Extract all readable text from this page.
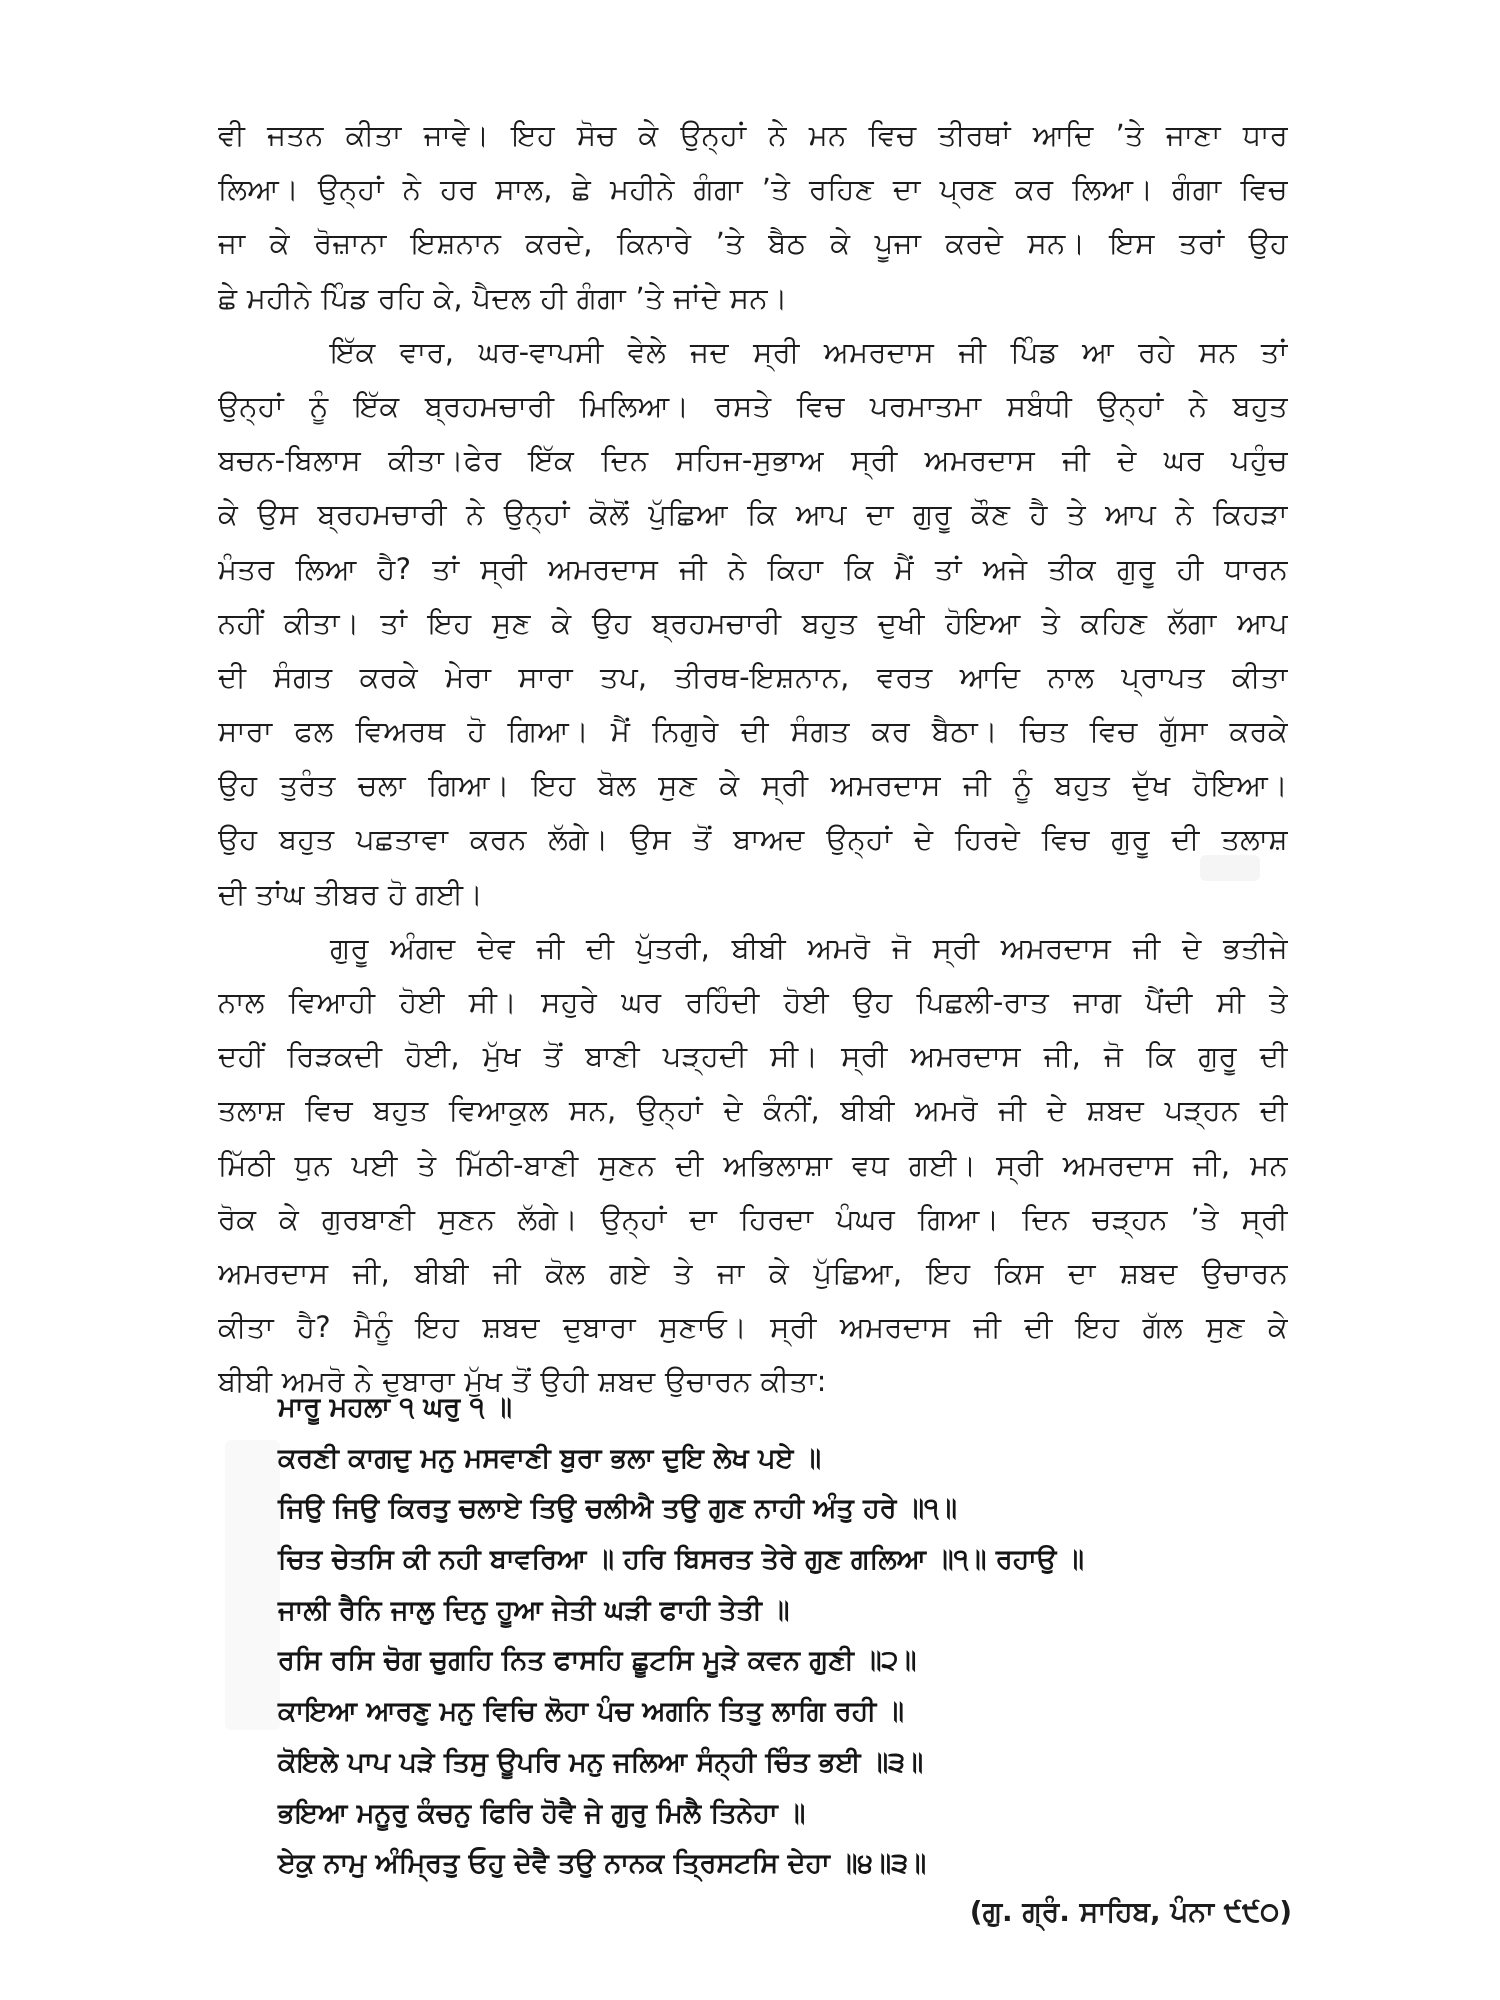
ਵੀ ਜਤਨ ਕੀਤਾ ਜਾਵੇ। ਇਹ ਸੋਚ ਕੇ ਉਨ੍ਹਾਂ ਨੇ ਮਨ ਵਿਚ ਤੀਰਥਾਂ ਆਦਿ ’ਤੇ ਜਾਣਾ ਧਾਰ
ਲਿਆ। ਉਨ੍ਹਾਂ ਨੇ ਹਰ ਸਾਲ, ਛੇ ਮਹੀਨੇ ਗੰਗਾ ’ਤੇ ਰਹਿਣ ਦਾ ਪ੍ਰਣ ਕਰ ਲਿਆ। ਗੰਗਾ ਵਿਚ
ਜਾ ਕੇ ਰੋਜ਼ਾਨਾ ਇਸ਼ਨਾਨ ਕਰਦੇ, ਕਿਨਾਰੇ ’ਤੇ ਬੈਠ ਕੇ ਪੂਜਾ ਕਰਦੇ ਸਨ। ਇਸ ਤਰਾਂ ਉਹ
ਛੇ ਮਹੀਨੇ ਪਿੰਡ ਰਹਿ ਕੇ, ਪੈਦਲ ਹੀ ਗੰਗਾ ’ਤੇ ਜਾਂਦੇ ਸਨ।
ਇੱਕ ਵਾਰ, ਘਰ-ਵਾਪਸੀ ਵੇਲੇ ਜਦ ਸ੍ਰੀ ਅਮਰਦਾਸ ਜੀ ਪਿੰਡ ਆ ਰਹੇ ਸਨ ਤਾਂ
ਉਨ੍ਹਾਂ ਨੂੰ ਇੱਕ ਬ੍ਰਹਮਚਾਰੀ ਮਿਲਿਆ। ਰਸਤੇ ਵਿਚ ਪਰਮਾਤਮਾ ਸਬੰਧੀ ਉਨ੍ਹਾਂ ਨੇ ਬਹੁਤ
ਬਚਨ-ਬਿਲਾਸ ਕੀਤਾ।ਫੇਰ ਇੱਕ ਦਿਨ ਸਹਿਜ-ਸੁਭਾਅ ਸ੍ਰੀ ਅਮਰਦਾਸ ਜੀ ਦੇ ਘਰ ਪਹੁੰਚ
ਕੇ ਉਸ ਬ੍ਰਹਮਚਾਰੀ ਨੇ ਉਨ੍ਹਾਂ ਕੋਲੋਂ ਪੁੱਛਿਆ ਕਿ ਆਪ ਦਾ ਗੁਰੂ ਕੌਣ ਹੈ ਤੇ ਆਪ ਨੇ ਕਿਹੜਾ
ਮੰਤਰ ਲਿਆ ਹੈ? ਤਾਂ ਸ੍ਰੀ ਅਮਰਦਾਸ ਜੀ ਨੇ ਕਿਹਾ ਕਿ ਮੈਂ ਤਾਂ ਅਜੇ ਤੀਕ ਗੁਰੂ ਹੀ ਧਾਰਨ
ਨਹੀਂ ਕੀਤਾ। ਤਾਂ ਇਹ ਸੁਣ ਕੇ ਉਹ ਬ੍ਰਹਮਚਾਰੀ ਬਹੁਤ ਦੁਖੀ ਹੋਇਆ ਤੇ ਕਹਿਣ ਲੱਗਾ ਆਪ
ਦੀ ਸੰਗਤ ਕਰਕੇ ਮੇਰਾ ਸਾਰਾ ਤਪ, ਤੀਰਥ-ਇਸ਼ਨਾਨ, ਵਰਤ ਆਦਿ ਨਾਲ ਪ੍ਰਾਪਤ ਕੀਤਾ
ਸਾਰਾ ਫਲ ਵਿਅਰਥ ਹੋ ਗਿਆ। ਮੈਂ ਨਿਗੁਰੇ ਦੀ ਸੰਗਤ ਕਰ ਬੈਠਾ। ਚਿਤ ਵਿਚ ਗੁੱਸਾ ਕਰਕੇ
ਉਹ ਤੁਰੰਤ ਚਲਾ ਗਿਆ। ਇਹ ਬੋਲ ਸੁਣ ਕੇ ਸ੍ਰੀ ਅਮਰਦਾਸ ਜੀ ਨੂੰ ਬਹੁਤ ਦੁੱਖ ਹੋਇਆ।
ਉਹ ਬਹੁਤ ਪਛਤਾਵਾ ਕਰਨ ਲੱਗੇ। ਉਸ ਤੋਂ ਬਾਅਦ ਉਨ੍ਹਾਂ ਦੇ ਹਿਰਦੇ ਵਿਚ ਗੁਰੂ ਦੀ ਤਲਾਸ਼
ਦੀ ਤਾਂਘ ਤੀਬਰ ਹੋ ਗਈ।
ਗੁਰੂ ਅੰਗਦ ਦੇਵ ਜੀ ਦੀ ਪੁੱਤਰੀ, ਬੀਬੀ ਅਮਰੋ ਜੋ ਸ੍ਰੀ ਅਮਰਦਾਸ ਜੀ ਦੇ ਭਤੀਜੇ
ਨਾਲ ਵਿਆਹੀ ਹੋਈ ਸੀ। ਸਹੁਰੇ ਘਰ ਰਹਿੰਦੀ ਹੋਈ ਉਹ ਪਿਛਲੀ-ਰਾਤ ਜਾਗ ਪੈਂਦੀ ਸੀ ਤੇ
ਦਹੀਂ ਰਿੜਕਦੀ ਹੋਈ, ਮੁੱਖ ਤੋਂ ਬਾਣੀ ਪੜ੍ਹਦੀ ਸੀ। ਸ੍ਰੀ ਅਮਰਦਾਸ ਜੀ, ਜੋ ਕਿ ਗੁਰੂ ਦੀ
ਤਲਾਸ਼ ਵਿਚ ਬਹੁਤ ਵਿਆਕੁਲ ਸਨ, ਉਨ੍ਹਾਂ ਦੇ ਕੰਨੀਂ, ਬੀਬੀ ਅਮਰੋ ਜੀ ਦੇ ਸ਼ਬਦ ਪੜ੍ਹਨ ਦੀ
ਮਿੱਠੀ ਧੁਨ ਪਈ ਤੇ ਮਿੱਠੀ-ਬਾਣੀ ਸੁਣਨ ਦੀ ਅਭਿਲਾਸ਼ਾ ਵਧ ਗਈ। ਸ੍ਰੀ ਅਮਰਦਾਸ ਜੀ, ਮਨ
ਰੋਕ ਕੇ ਗੁਰਬਾਣੀ ਸੁਣਨ ਲੱਗੇ। ਉਨ੍ਹਾਂ ਦਾ ਹਿਰਦਾ ਪੰਘਰ ਗਿਆ। ਦਿਨ ਚੜ੍ਹਨ ’ਤੇ ਸ੍ਰੀ
ਅਮਰਦਾਸ ਜੀ, ਬੀਬੀ ਜੀ ਕੋਲ ਗਏ ਤੇ ਜਾ ਕੇ ਪੁੱਛਿਆ, ਇਹ ਕਿਸ ਦਾ ਸ਼ਬਦ ਉਚਾਰਨ
ਕੀਤਾ ਹੈ? ਮੈਨੂੰ ਇਹ ਸ਼ਬਦ ਦੁਬਾਰਾ ਸੁਣਾਓ। ਸ੍ਰੀ ਅਮਰਦਾਸ ਜੀ ਦੀ ਇਹ ਗੱਲ ਸੁਣ ਕੇ
ਬੀਬੀ ਅਮਰੋ ਨੇ ਦੁਬਾਰਾ ਮੁੱਖ ਤੋਂ ਉਹੀ ਸ਼ਬਦ ਉਚਾਰਨ ਕੀਤਾ:
ਮਾਰੂ ਮਹਲਾ ੧ ਘਰੁ ੧ ॥
ਕਰਣੀ ਕਾਗਦੁ ਮਨੁ ਮਸਵਾਣੀ ਬੁਰਾ ਭਲਾ ਦੁਇ ਲੇਖ ਪਏ ॥
ਜਿਉ ਜਿਉ ਕਿਰਤੁ ਚਲਾਏ ਤਿਉ ਚਲੀਐ ਤਉ ਗੁਣ ਨਾਹੀ ਅੰਤੁ ਹਰੇ ॥੧॥
ਚਿਤ ਚੇਤਸਿ ਕੀ ਨਹੀ ਬਾਵਰਿਆ ॥ ਹਰਿ ਬਿਸਰਤ ਤੇਰੇ ਗੁਣ ਗਲਿਆ ॥੧॥ ਰਹਾਉ ॥
ਜਾਲੀ ਰੈਨਿ ਜਾਲੁ ਦਿਨੁ ਹੂਆ ਜੇਤੀ ਘੜੀ ਫਾਹੀ ਤੇਤੀ ॥
ਰਸਿ ਰਸਿ ਚੋਗ ਚੁਗਹਿ ਨਿਤ ਫਾਸਹਿ ਛੂਟਸਿ ਮੂੜੇ ਕਵਨ ਗੁਣੀ ॥੨॥
ਕਾਇਆ ਆਰਣੁ ਮਨੁ ਵਿਚਿ ਲੋਹਾ ਪੰਚ ਅਗਨਿ ਤਿਤੁ ਲਾਗਿ ਰਹੀ ॥
ਕੋਇਲੇ ਪਾਪ ਪੜੇ ਤਿਸੁ ਊਪਰਿ ਮਨੁ ਜਲਿਆ ਸੰਨ੍ਹੀ ਚਿੰਤ ਭਈ ॥੩॥
ਭਇਆ ਮਨੂਰੁ ਕੰਚਨੁ ਫਿਰਿ ਹੋਵੈ ਜੇ ਗੁਰੁ ਮਿਲੈ ਤਿਨੇਹਾ ॥
ਏਕੁ ਨਾਮੁ ਅੰਮ੍ਰਿਤੁ ਓਹੁ ਦੇਵੈ ਤਉ ਨਾਨਕ ਤ੍ਰਿਸਟਸਿ ਦੇਹਾ ॥੪॥੩॥
(ਗੁ. ਗ੍ਰੰ. ਸਾਹਿਬ, ਪੰਨਾ ੯੯੦)
